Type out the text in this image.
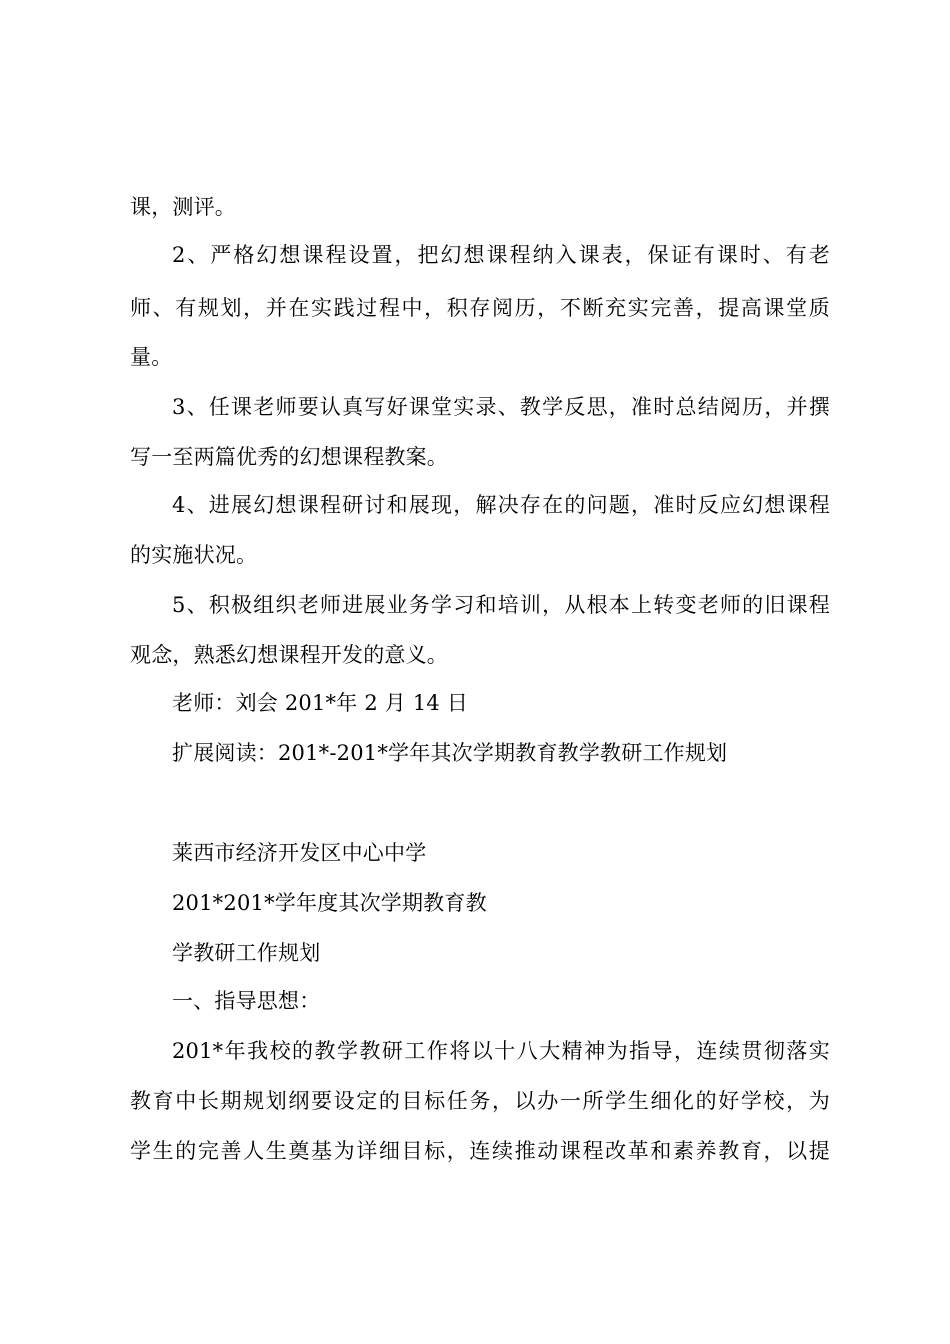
课，测评。
2、严格幻想课程设置，把幻想课程纳入课表，保证有课时、有老
师、有规划，并在实践过程中，积存阅历，不断充实完善，提高课堂质
量。
3、任课老师要认真写好课堂实录、教学反思，准时总结阅历，并撰
写一至两篇优秀的幻想课程教案。
4、进展幻想课程研讨和展现，解决存在的问题，准时反应幻想课程
的实施状况。
5、积极组织老师进展业务学习和培训，从根本上转变老师的旧课程
观念，熟悉幻想课程开发的意义。
老师：刘会 201*年 2 月 14 日
扩展阅读：201*-201*学年其次学期教育教学教研工作规划
莱西市经济开发区中心中学
201*201*学年度其次学期教育教
学教研工作规划
一、指导思想：
201*年我校的教学教研工作将以十八大精神为指导，连续贯彻落实
教育中长期规划纲要设定的目标任务，以办一所学生细化的好学校，为
学生的完善人生奠基为详细目标，连续推动课程改革和素养教育，以提
